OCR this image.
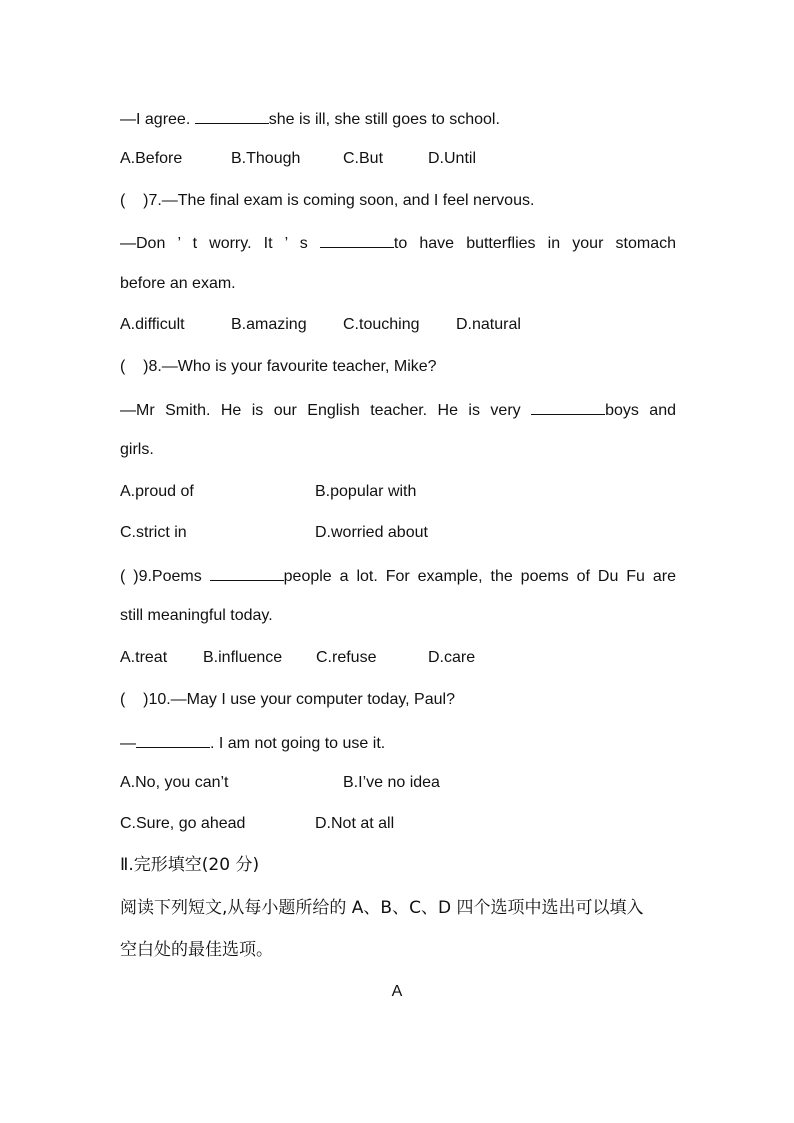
—I agree.	she is ill, she still goes to school.

A.Before

	B.Though

	C.But

	D.Until

(    )7.—The final exam is coming soon, and I feel nervous.
—Don ’ t worry. It ’ s	to have butterflies in your stomach
before an exam.

A.difficult

	B.amazing

C.touching

D.natural

(    )8.—Who is your favourite teacher, Mike?
—Mr Smith. He is our English teacher. He is very	boys and
girls.

A.proud of

	B.popular with

C.strict in

	D.worried about

( )9.Poems	people a lot. For example, the poems of Du Fu are
still meaningful today.

A.treat

B.influence

C.refuse

	D.care

(    )10.—May I use your computer today, Paul?
—	. I am not going to use it.

A.No, you can’t

	B.I’ve no idea

C.Sure, go ahead

	D.Not at all

Ⅱ.完形填空(20 分)
阅读下列短文,从每小题所给的 A、B、C、D 四个选项中选出可以填入
空白处的最佳选项。
A
